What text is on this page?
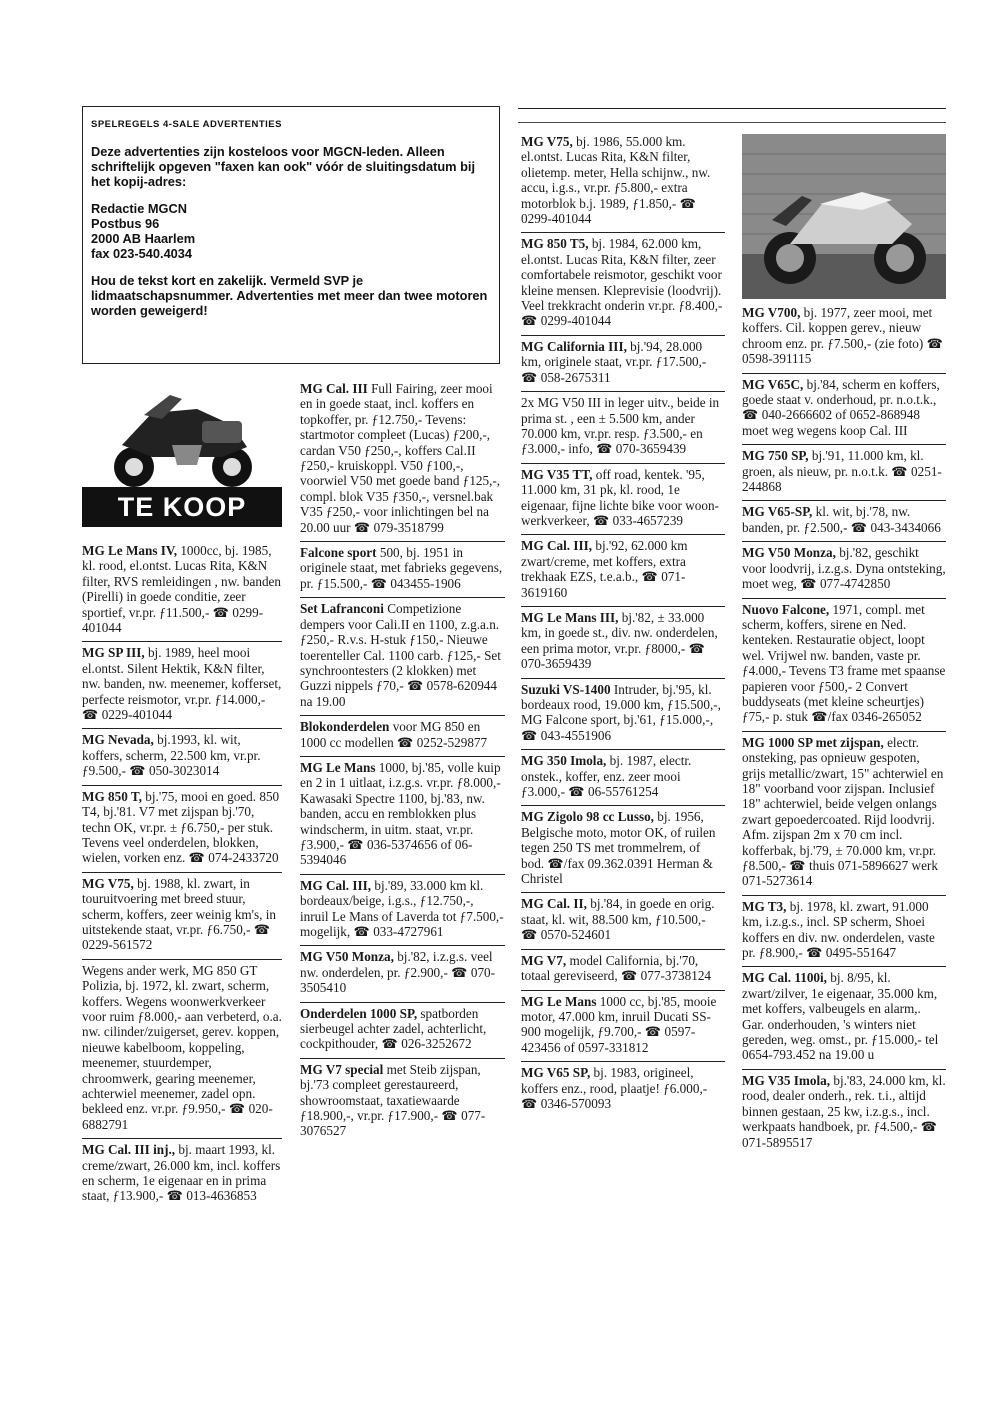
SPELREGELS 4-SALE ADVERTENTIES

Deze advertenties zijn kosteloos voor MGCN-leden. Alleen schriftelijk opgeven "faxen kan ook" vóór de sluitingsdatum bij het kopij-adres:

Redactie MGCN
Postbus 96
2000 AB Haarlem
fax 023-540.4034

Hou de tekst kort en zakelijk. Vermeld SVP je lidmaatschapsnummer. Advertenties met meer dan twee motoren worden geweigerd!

TE KOOP
MG Le Mans IV, 1000cc, bj. 1985, kl. rood, el.ontst. Lucas Rita, K&N filter, RVS remleidingen , nw. banden (Pirelli) in goede conditie, zeer sportief, vr.pr. ƒ11.500,- ☎ 0299-401044
MG SP III, bj. 1989, heel mooi el.ontst. Silent Hektik, K&N filter, nw. banden, nw. meenemer, kofferset, perfecte reismotor, vr.pr. ƒ14.000,- ☎ 0229-401044
MG Nevada, bj.1993, kl. wit, koffers, scherm, 22.500 km, vr.pr. ƒ9.500,- ☎ 050-3023014
MG 850 T, bj.'75, mooi en goed. 850 T4, bj.'81. V7 met zijspan bj.'70, techn OK, vr.pr. ± ƒ6.750,- per stuk. Tevens veel onderdelen, blokken, wielen, vorken enz. ☎ 074-2433720
MG V75, bj. 1988, kl. zwart, in touruitvoering met breed stuur, scherm, koffers, zeer weinig km's, in uitstekende staat, vr.pr. ƒ6.750,- ☎ 0229-561572
Wegens ander werk, MG 850 GT Polizia, bj. 1972, kl. zwart, scherm, koffers. Wegens woonwerkverkeer voor ruim ƒ8.000,- aan verbeterd, o.a. nw. cilinder/zuigerset, gerev. koppen, nieuwe kabelboom, koppeling, meenemer, stuurdemper, chroomwerk, gearing meenemer, achterwiel meenemer, zadel opn. bekleed enz. vr.pr. ƒ9.950,- ☎ 020-6882791
MG Cal. III inj., bj. maart 1993, kl. creme/zwart, 26.000 km, incl. koffers en scherm, 1e eigenaar en in prima staat, ƒ13.900,- ☎ 013-4636853
MG Cal. III Full Fairing, zeer mooi en in goede staat, incl. koffers en topkoffer, pr. ƒ12.750,- Tevens: startmotor compleet (Lucas) ƒ200,-, cardan V50 ƒ250,-, koffers Cal.II ƒ250,- kruiskoppl. V50 ƒ100,-, voorwiel V50 met goede band ƒ125,-, compl. blok V35 ƒ350,-, versnel.bak V35 ƒ250,- voor inlichtingen bel na 20.00 uur ☎ 079-3518799
Falcone sport 500, bj. 1951 in originele staat, met fabrieks gegevens, pr. ƒ15.500,- ☎ 043455-1906
Set Lafranconi Competizione dempers voor Cali.II en 1100, z.g.a.n. ƒ250,- R.v.s. H-stuk ƒ150,- Nieuwe toerenteller Cal. 1100 carb. ƒ125,- Set synchroontesters (2 klokken) met Guzzi nippels ƒ70,- ☎ 0578-620944 na 19.00
Blokonderdelen voor MG 850 en 1000 cc modellen ☎ 0252-529877
MG Le Mans 1000, bj.'85, volle kuip en 2 in 1 uitlaat, i.z.g.s. vr.pr. ƒ8.000,- Kawasaki Spectre 1100, bj.'83, nw. banden, accu en remblokken plus windscherm, in uitm. staat, vr.pr. ƒ3.900,- ☎ 036-5374656 of 06-5394046
MG Cal. III, bj.'89, 33.000 km kl. bordeaux/beige, i.g.s., ƒ12.750,-, inruil Le Mans of Laverda tot ƒ7.500,- mogelijk, ☎ 033-4727961
MG V50 Monza, bj.'82, i.z.g.s. veel nw. onderdelen, pr. ƒ2.900,- ☎ 070-3505410
Onderdelen 1000 SP, spatborden sierbeugel achter zadel, achterlicht, cockpithouder, ☎ 026-3252672
MG V7 special met Steib zijspan, bj.'73 compleet gerestaureerd, showroomstaat, taxatiewaarde ƒ18.900,-, vr.pr. ƒ17.900,- ☎ 077-3076527
MG V75, bj. 1986, 55.000 km. el.ontst. Lucas Rita, K&N filter, olietemp. meter, Hella schijnw., nw. accu, i.g.s., vr.pr. ƒ5.800,- extra motorblok b.j. 1989, ƒ1.850,- ☎ 0299-401044
MG 850 T5, bj. 1984, 62.000 km, el.ontst. Lucas Rita, K&N filter, zeer comfortabele reismotor, geschikt voor kleine mensen. Kleprevisie (loodvrij). Veel trekkracht onderin vr.pr. ƒ8.400,- ☎ 0299-401044
MG California III, bj.'94, 28.000 km, originele staat, vr.pr. ƒ17.500,- ☎ 058-2675311
2x MG V50 III in leger uitv., beide in prima st. , een ± 5.500 km, ander 70.000 km, vr.pr. resp. ƒ3.500,- en ƒ3.000,- info, ☎ 070-3659439
MG V35 TT, off road, kentek. '95, 11.000 km, 31 pk, kl. rood, 1e eigenaar, fijne lichte bike voor woon-werkverkeer, ☎ 033-4657239
MG Cal. III, bj.'92, 62.000 km zwart/creme, met koffers, extra trekhaak EZS, t.e.a.b., ☎ 071-3619160
MG Le Mans III, bj.'82, ± 33.000 km, in goede st., div. nw. onderdelen, een prima motor, vr.pr. ƒ8000,- ☎ 070-3659439
Suzuki VS-1400 Intruder, bj.'95, kl. bordeaux rood, 19.000 km, ƒ15.500,-, MG Falcone sport, bj.'61, ƒ15.000,-, ☎ 043-4551906
MG 350 Imola, bj. 1987, electr. onstek., koffer, enz. zeer mooi ƒ3.000,- ☎ 06-55761254
MG Zigolo 98 cc Lusso, bj. 1956, Belgische moto, motor OK, of ruilen tegen 250 TS met trommelrem, of bod. ☎/fax 09.362.0391 Herman & Christel
MG Cal. II, bj.'84, in goede en orig. staat, kl. wit, 88.500 km, ƒ10.500,- ☎ 0570-524601
MG V7, model California, bj.'70, totaal gereviseerd, ☎ 077-3738124
MG Le Mans 1000 cc, bj.'85, mooie motor, 47.000 km, inruil Ducati SS-900 mogelijk, ƒ9.700,- ☎ 0597-423456 of 0597-331812
MG V65 SP, bj. 1983, origineel, koffers enz., rood, plaatje! ƒ6.000,- ☎ 0346-570093
MG V700, bj. 1977, zeer mooi, met koffers. Cil. koppen gerev., nieuw chroom enz. pr. ƒ7.500,- (zie foto) ☎ 0598-391115
MG V65C, bj.'84, scherm en koffers, goede staat v. onderhoud, pr. n.o.t.k., ☎ 040-2666602 of 0652-868948 moet weg wegens koop Cal. III
MG 750 SP, bj.'91, 11.000 km, kl. groen, als nieuw, pr. n.o.t.k. ☎ 0251-244868
MG V65-SP, kl. wit, bj.'78, nw. banden, pr. ƒ2.500,- ☎ 043-3434066
MG V50 Monza, bj.'82, geschikt voor loodvrij, i.z.g.s. Dyna ontsteking, moet weg, ☎ 077-4742850
Nuovo Falcone, 1971, compl. met scherm, koffers, sirene en Ned. kenteken. Restauratie object, loopt wel. Vrijwel nw. banden, vaste pr. ƒ4.000,- Tevens T3 frame met spaanse papieren voor ƒ500,- 2 Convert buddyseats (met kleine scheurtjes) ƒ75,- p. stuk ☎/fax 0346-265052
MG 1000 SP met zijspan, electr. onsteking, pas opnieuw gespoten, grijs metallic/zwart, 15" achterwiel en 18" voorband voor zijspan. Inclusief 18" achterwiel, beide velgen onlangs zwart gepoedercoated. Rijd loodvrij. Afm. zijspan 2m x 70 cm incl. kofferbak, bj.'79, ± 70.000 km, vr.pr. ƒ8.500,- ☎ thuis 071-5896627 werk 071-5273614
MG T3, bj. 1978, kl. zwart, 91.000 km, i.z.g.s., incl. SP scherm, Shoei koffers en div. nw. onderdelen, vaste pr. ƒ8.900,- ☎ 0495-551647
MG Cal. 1100i, bj. 8/95, kl. zwart/zilver, 1e eigenaar, 35.000 km, met koffers, valbeugels en alarm,. Gar. onderhouden, 's winters niet gereden, weg. omst., pr. ƒ15.000,- tel 0654-793.452 na 19.00 u
MG V35 Imola, bj.'83, 24.000 km, kl. rood, dealer onderh., rek. t.i., altijd binnen gestaan, 25 kw, i.z.g.s., incl. werkpaats handboek, pr. ƒ4.500,- ☎ 071-5895517
